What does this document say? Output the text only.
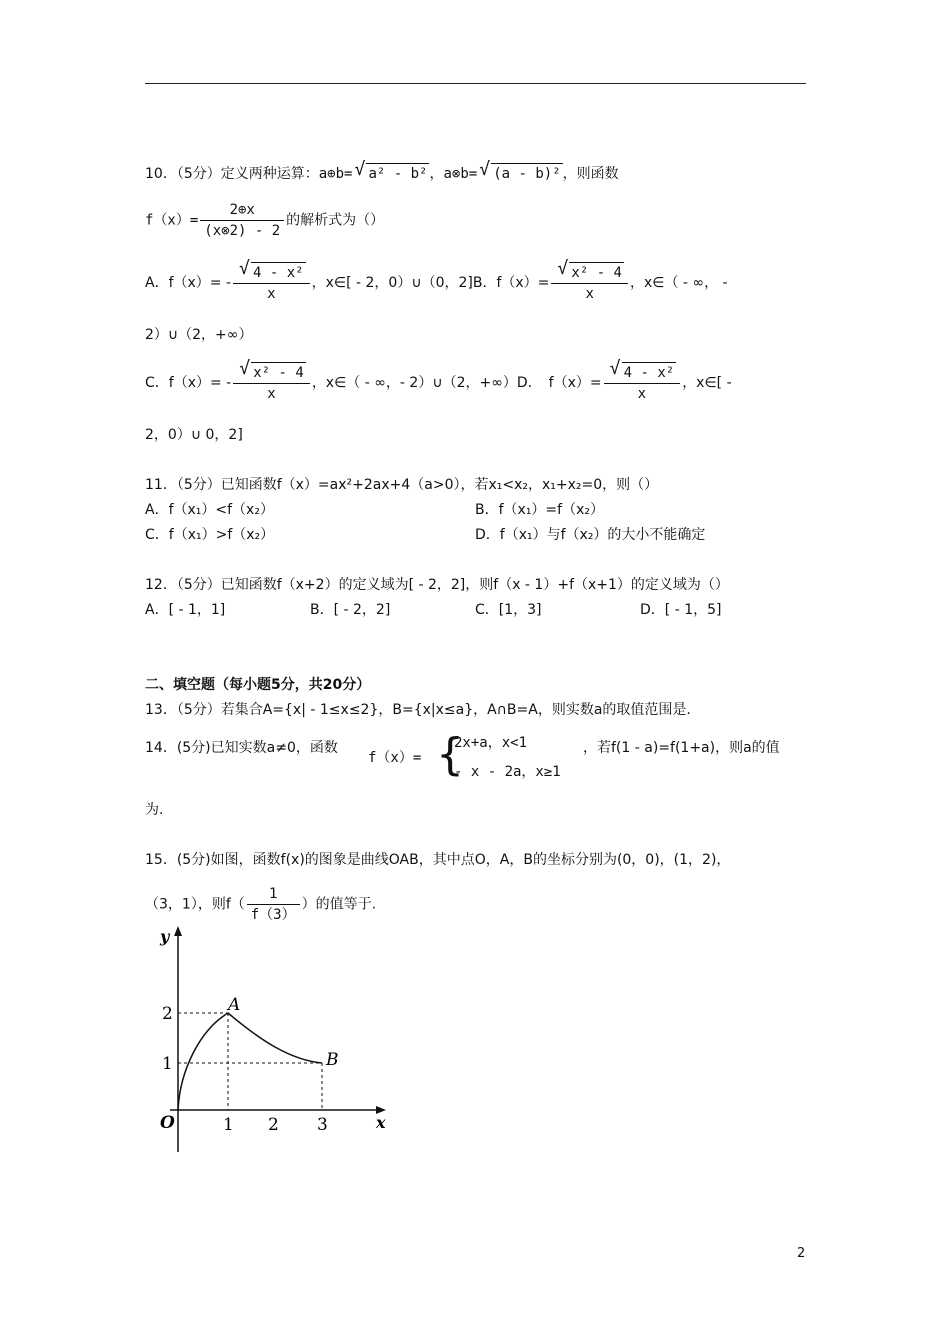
10．（5分）定义两种运算：a⊕b= √ a² - b² ，a⊗b= √ (a - b)² ，则函数
$f(x)= \frac{2\oplus x}{(x\otimes 2) - 2}$ 的解析式为（）
A．f（x）= - √ $\frac{\text{4 - x²}}{x}$ ，x∈[ - 2，0）∪（0，2]B．f（x）= √ $\frac{\text{x² - 4}}{x}$ ，x∈（ - ∞， -
2）∪（2，+∞）
C．f（x）= - √ $\frac{\text{x² - 4}}{x}$ ，x∈（ - ∞，- 2）∪（2，+∞）D．　f（x）= √ $\frac{\text{4 - x²}}{x}$ ，x∈[ -
2，0）∪ 0，2]
11．（5分）已知函数f（x）=ax²+2ax+4（a>0），若x₁<x₂，x₁+x₂=0，则（）
A．f（x₁）<f（x₂）	B．f（x₁）=f（x₂）
C．f（x₁）>f（x₂）	D．f（x₁）与f（x₂）的大小不能确定
12．（5分）已知函数f（x+2）的定义域为[ - 2，2]，则f（x - 1）+f（x+1）的定义域为（）
A．[ - 1，1]	B．[ - 2，2]	C．[1，3]	D．[ - 1，5]
二、填空题（每小题5分，共20分）
13．（5分）若集合A={x| - 1≤x≤2}，B={x|x≤a}，A∩B=A，则实数a的取值范围是.
14．(5分)已知实数a≠0，函数
f（x）= {
2x+a，x<1
- x - 2a，x≥1
，若f(1 - a)=f(1+a)，则a的值
为.
15．(5分)如图，函数f(x)的图象是曲线OAB，其中点O，A，B的坐标分别为(0，0)，(1，2)，
（3，1），则$f( \frac{1}{f(3)}$ ）的值等于.
y
x
O	1 2 3
1
2	A
B
2
